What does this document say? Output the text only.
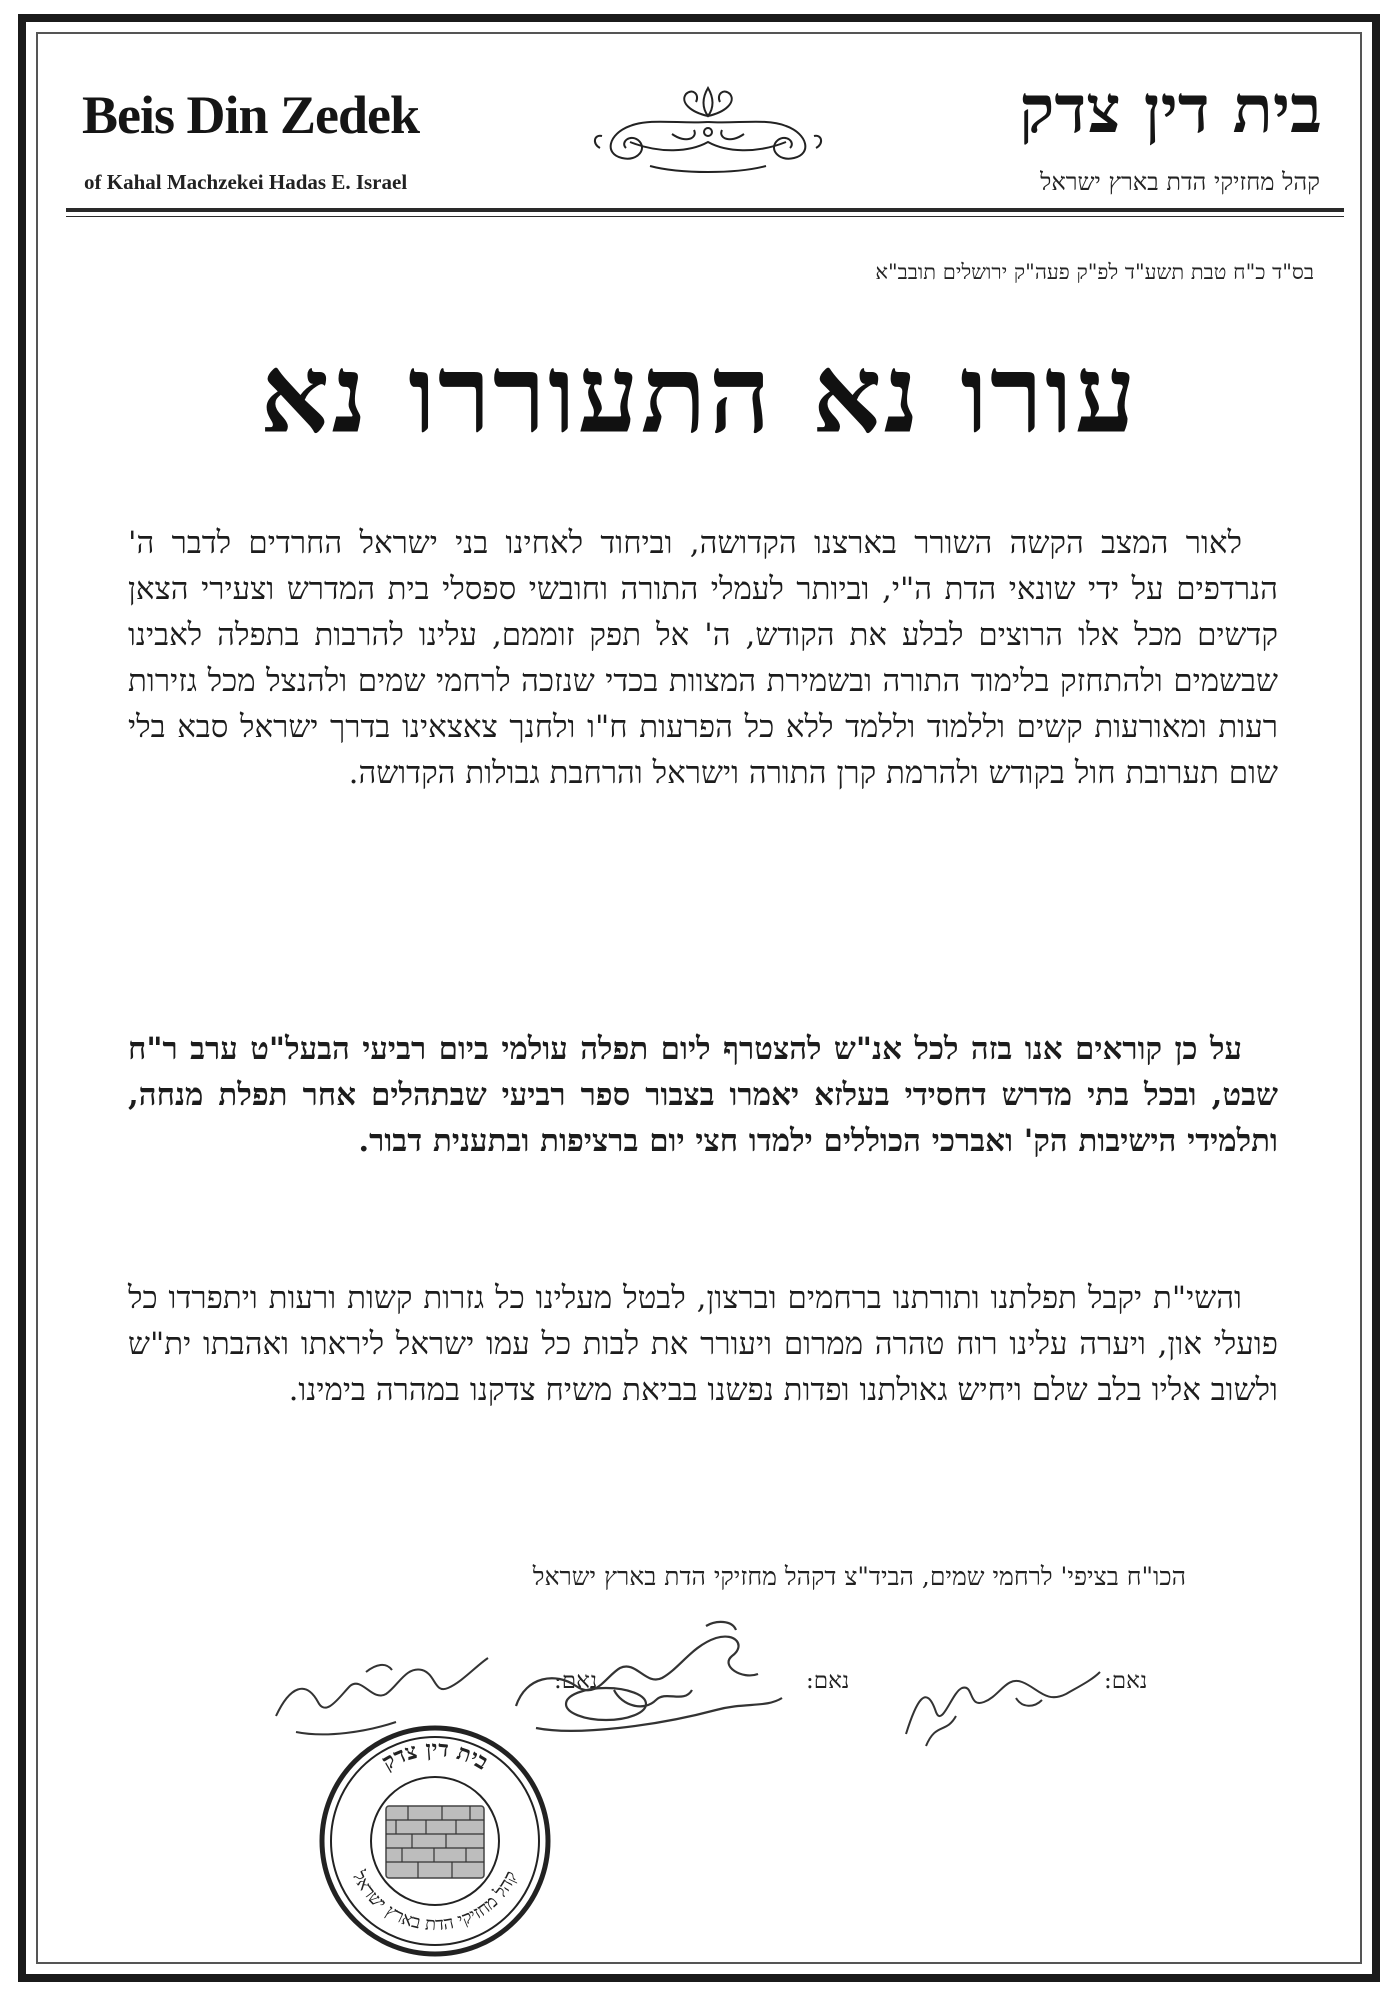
Beis Din Zedek
of Kahal Machzekei Hadas E. Israel
בית דין צדק
קהל מחזיקי הדת בארץ ישראל
בס"ד כ"ח טבת תשע"ד לפ"ק פעה"ק ירושלים תובב"א
עורו נא התעוררו נא
לאור המצב הקשה השורר בארצנו הקדושה, וביחוד לאחינו בני ישראל החרדים לדבר ה' הנרדפים על ידי שונאי הדת ה"י, וביותר לעמלי התורה וחובשי ספסלי בית המדרש וצעירי הצאן קדשים מכל אלו הרוצים לבלע את הקודש, ה' אל תפק זוממם, עלינו להרבות בתפלה לאבינו שבשמים ולהתחזק בלימוד התורה ובשמירת המצוות בכדי שנזכה לרחמי שמים ולהנצל מכל גזירות רעות ומאורעות קשים וללמוד וללמד ללא כל הפרעות ח"ו ולחנך צאצאינו בדרך ישראל סבא בלי שום תערובת חול בקודש ולהרמת קרן התורה וישראל והרחבת גבולות הקדושה.
על כן קוראים אנו בזה לכל אנ"ש להצטרף ליום תפלה עולמי ביום רביעי הבעל"ט ערב ר"ח שבט, ובכל בתי מדרש דחסידי בעלזא יאמרו בצבור ספר רביעי שבתהלים אחר תפלת מנחה, ותלמידי הישיבות הק' ואברכי הכוללים ילמדו חצי יום ברציפות ובתענית דבור.
והשי"ת יקבל תפלתנו ותורתנו ברחמים וברצון, לבטל מעלינו כל גזרות קשות ורעות ויתפרדו כל פועלי און, ויערה עלינו רוח טהרה ממרום ויעורר את לבות כל עמו ישראל ליראתו ואהבתו ית"ש ולשוב אליו בלב שלם ויחיש גאולתנו ופדות נפשנו בביאת משיח צדקנו במהרה בימינו.
הכו"ח בציפי' לרחמי שמים, הביד"צ דקהל מחזיקי הדת בארץ ישראל
נאם:
נאם:
נאם:
בית דין צדק
קהל מחזיקי הדת בארץ ישראל
